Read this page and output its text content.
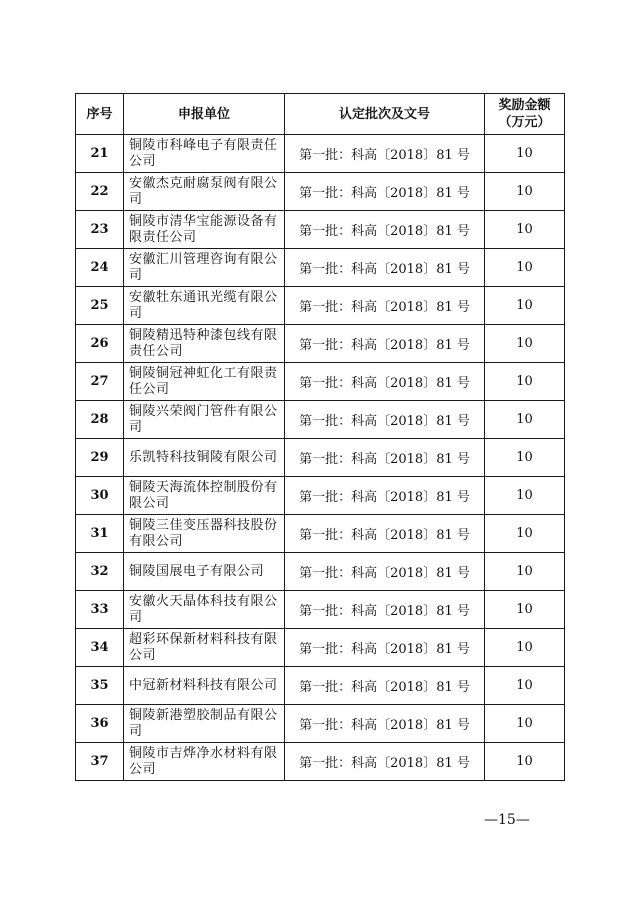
序号	申报单位	认定批次及文号	奖励金额
（万元）
21	铜陵市科峰电子有限责任公司	第一批：科高〔2018〕81 号	10
22	安徽杰克耐腐泵阀有限公司	第一批：科高〔2018〕81 号	10
23	铜陵市清华宝能源设备有限责任公司	第一批：科高〔2018〕81 号	10
24	安徽汇川管理咨询有限公司	第一批：科高〔2018〕81 号	10
25	安徽牡东通讯光缆有限公司	第一批：科高〔2018〕81 号	10
26	铜陵精迅特种漆包线有限责任公司	第一批：科高〔2018〕81 号	10
27	铜陵铜冠神虹化工有限责任公司	第一批：科高〔2018〕81 号	10
28	铜陵兴荣阀门管件有限公司	第一批：科高〔2018〕81 号	10
29	乐凯特科技铜陵有限公司	第一批：科高〔2018〕81 号	10
30	铜陵天海流体控制股份有限公司	第一批：科高〔2018〕81 号	10
31	铜陵三佳变压器科技股份有限公司	第一批：科高〔2018〕81 号	10
32	铜陵国展电子有限公司	第一批：科高〔2018〕81 号	10
33	安徽火天晶体科技有限公司	第一批：科高〔2018〕81 号	10
34	超彩环保新材料科技有限公司	第一批：科高〔2018〕81 号	10
35	中冠新材料科技有限公司	第一批：科高〔2018〕81 号	10
36	铜陵新港塑胶制品有限公司	第一批：科高〔2018〕81 号	10
37	铜陵市吉烨净水材料有限公司	第一批：科高〔2018〕81 号	10
—15—
